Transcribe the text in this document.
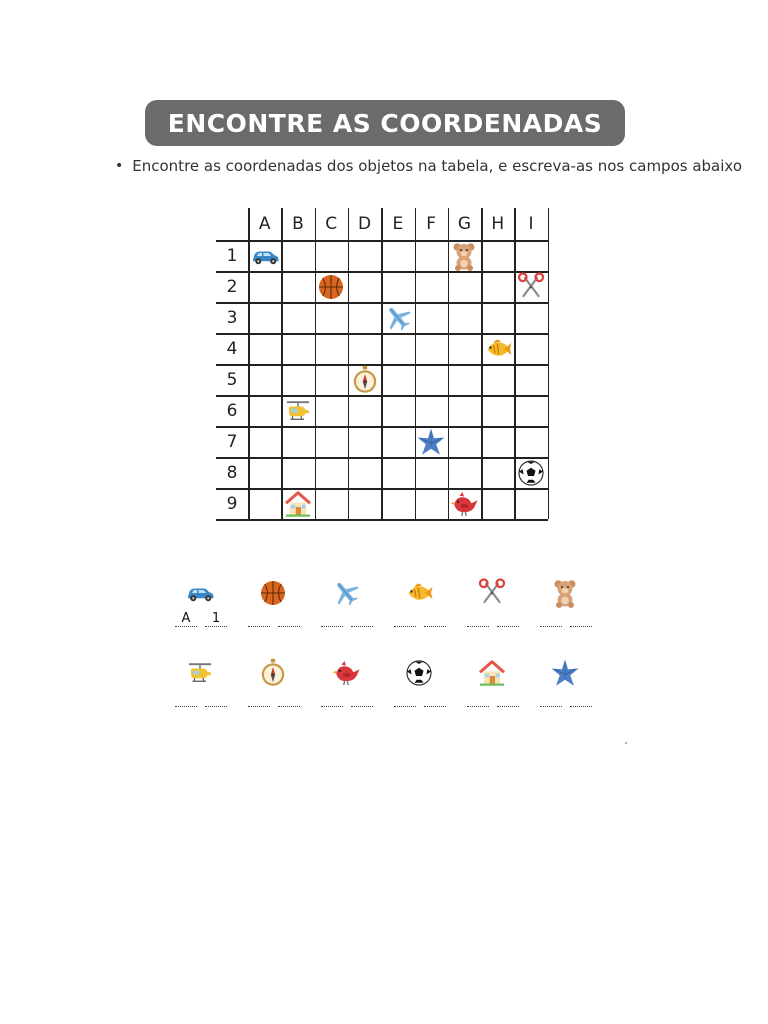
ENCONTRE AS COORDENADAS
• Encontre as coordenadas dos objetos na tabela, e escreva-as nos campos abaixo
A	B	C	D	E	F	G	H	I
1
2
3
4
5
6
7
8
9
A	1
